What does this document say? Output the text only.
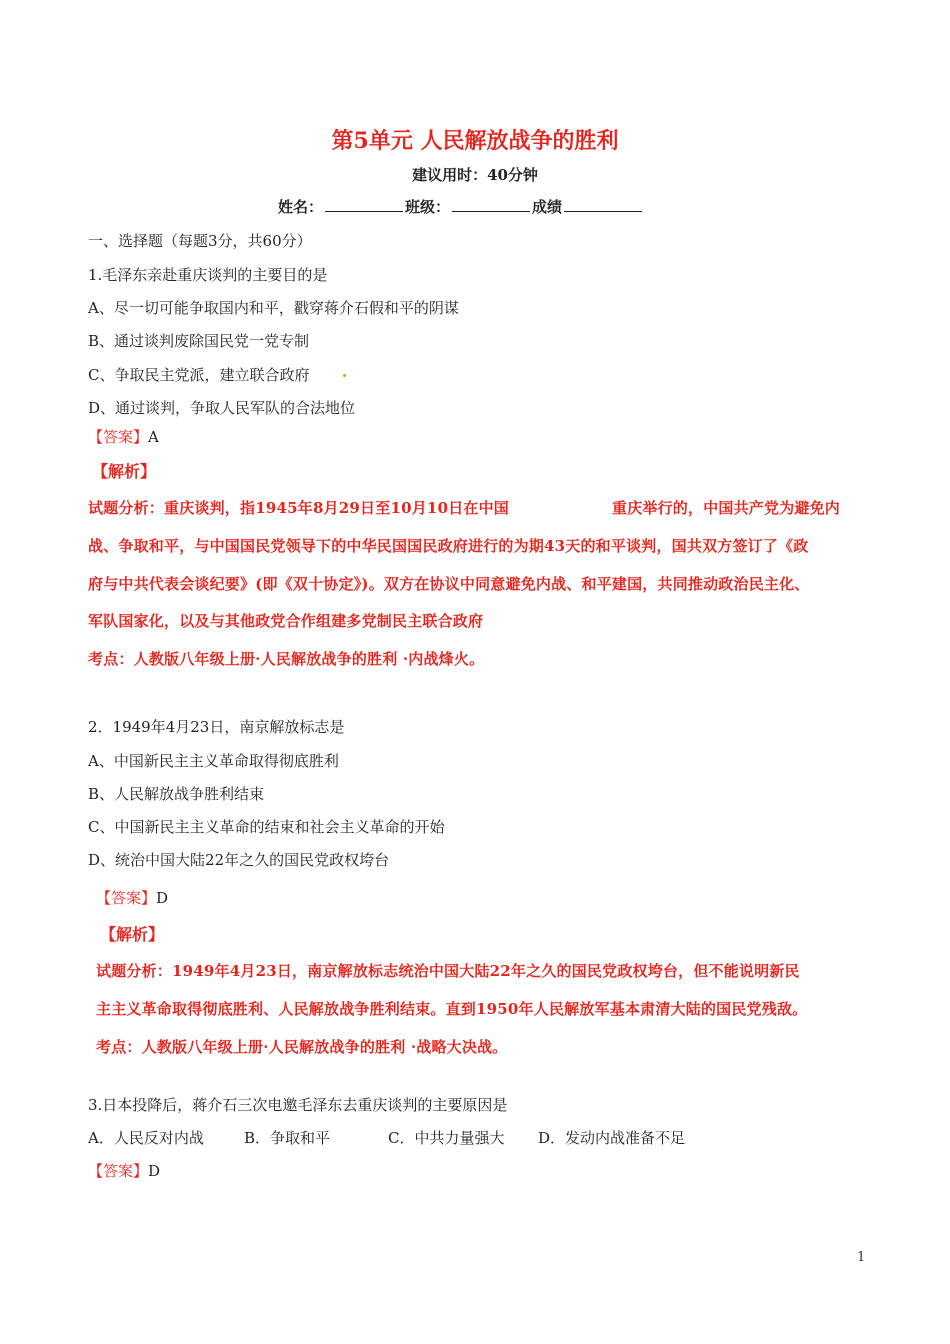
第5单元 人民解放战争的胜利
建议用时：40分钟
姓名：	班级：	成绩
一、选择题（每题3分，共60分）
1.毛泽东亲赴重庆谈判的主要目的是
A、尽一切可能争取国内和平，戳穿蒋介石假和平的阴谋
B、通过谈判废除国民党一党专制
C、争取民主党派，建立联合政府
D、通过谈判，争取人民军队的合法地位
【答案】A
【解析】
试题分析：重庆谈判，指1945年8月29日至10月10日在中国	重庆举行的，中国共产党为避免内
战、争取和平，与中国国民党领导下的中华民国国民政府进行的为期43天的和平谈判，国共双方签订了《政
府与中共代表会谈纪要》(即《双十协定》)。双方在协议中同意避免内战、和平建国，共同推动政治民主化、
军队国家化，以及与其他政党合作组建多党制民主联合政府
考点：人教版八年级上册·人民解放战争的胜利 ·内战烽火。
2．1949年4月23日，南京解放标志是
A、中国新民主主义革命取得彻底胜利
B、人民解放战争胜利结束
C、中国新民主主义革命的结束和社会主义革命的开始
D、统治中国大陆22年之久的国民党政权垮台
【答案】D
【解析】
试题分析：1949年4月23日，南京解放标志统治中国大陆22年之久的国民党政权垮台，但不能说明新民
主主义革命取得彻底胜利、人民解放战争胜利结束。直到1950年人民解放军基本肃清大陆的国民党残敌。
考点：人教版八年级上册·人民解放战争的胜利 ·战略大决战。
3.日本投降后，蒋介石三次电邀毛泽东去重庆谈判的主要原因是
A．人民反对内战	B．争取和平	C．中共力量强大 D．发动内战准备不足
【答案】D
1
